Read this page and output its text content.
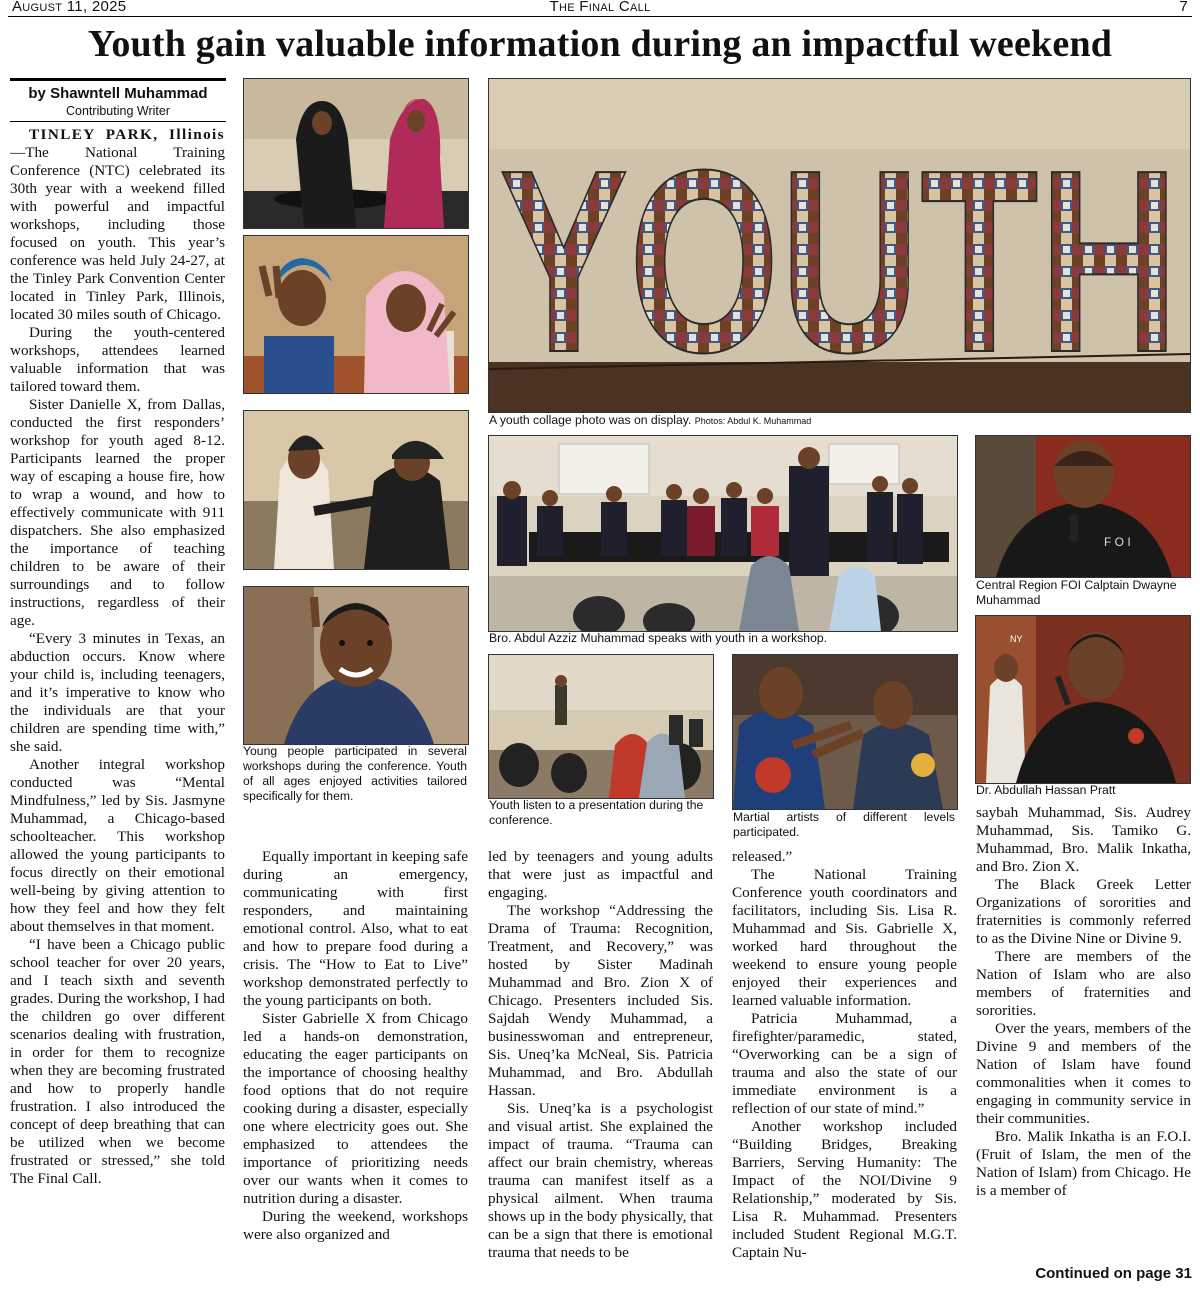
August 11, 2025	The Final Call	7
Youth gain valuable information during an impactful weekend
by Shawntell Muhammad
Contributing Writer

TINLEY PARK, Illinois—The National Training Conference (NTC) celebrated its 30th year with a weekend filled with powerful and impactful workshops, including those focused on youth. This year’s conference was held July 24-27, at the Tinley Park Convention Center located in Tinley Park, Illinois, located 30 miles south of Chicago.

During the youth-centered workshops, attendees learned valuable information that was tailored toward them.

Sister Danielle X, from Dallas, conducted the first responders’ workshop for youth aged 8-12. Participants learned the proper way of escaping a house fire, how to wrap a wound, and how to effectively communicate with 911 dispatchers. She also emphasized the importance of teaching children to be aware of their surroundings and to follow instructions, regardless of their age.

“Every 3 minutes in Texas, an abduction occurs. Know where your child is, including teenagers, and it’s imperative to know who the individuals are that your children are spending time with,” she said.

Another integral workshop conducted was “Mental Mindfulness,” led by Sis. Jasmyne Muhammad, a Chicago-based schoolteacher. This workshop allowed the young participants to focus directly on their emotional well-being by giving attention to how they feel and how they felt about themselves in that moment.

“I have been a Chicago public school teacher for over 20 years, and I teach sixth and seventh grades. During the workshop, I had the children go over different scenarios dealing with frustration, in order for them to recognize when they are becoming frustrated and how to properly handle frustration. I also introduced the concept of deep breathing that can be utilized when we become frustrated or stressed,” she told The Final Call.

Young people participated in several workshops during the conference. Youth of all ages enjoyed activities tailored specifically for them.
YOUTH
A youth collage photo was on display. Photos: Abdul K. Muhammad
Bro. Abdul Azziz Muhammad speaks with youth in a workshop.
F O I
Central Region FOI Calptain Dwayne Muhammad
NY
Dr. Abdullah Hassan Pratt
Youth listen to a presentation during the conference.	Martial artists of different levels participated.

Equally important in keeping safe during an emergency, communicating with first responders, and maintaining emotional control. Also, what to eat and how to prepare food during a crisis. The “How to Eat to Live” workshop demonstrated perfectly to the young participants on both.

Sister Gabrielle X from Chicago led a hands-on demonstration, educating the eager participants on the importance of choosing healthy food options that do not require cooking during a disaster, especially one where electricity goes out. She emphasized to attendees the importance of prioritizing needs over our wants when it comes to nutrition during a disaster.

During the weekend, workshops were also organized and

led by teenagers and young adults that were just as impactful and engaging.

The workshop “Addressing the Drama of Trauma: Recognition, Treatment, and Recovery,” was hosted by Sister Madinah Muhammad and Bro. Zion X of Chicago. Presenters included Sis. Sajdah Wendy Muhammad, a businesswoman and entrepreneur, Sis. Uneq’ka McNeal, Sis. Patricia Muhammad, and Bro. Abdullah Hassan.

Sis. Uneq’ka is a psychologist and visual artist. She explained the impact of trauma. “Trauma can affect our brain chemistry, whereas trauma can manifest itself as a physical ailment. When trauma shows up in the body physically, that can be a sign that there is emotional trauma that needs to be

released.”

The National Training Conference youth coordinators and facilitators, including Sis. Lisa R. Muhammad and Sis. Gabrielle X, worked hard throughout the weekend to ensure young people enjoyed their experiences and learned valuable information.

Patricia Muhammad, a firefighter/paramedic, stated, “Overworking can be a sign of trauma and also the state of our immediate environment is a reflection of our state of mind.”

Another workshop included “Building Bridges, Breaking Barriers, Serving Humanity: The Impact of the NOI/Divine 9 Relationship,” moderated by Sis. Lisa R. Muhammad. Presenters included Student Regional M.G.T. Captain Nu-

saybah Muhammad, Sis. Audrey Muhammad, Sis. Tamiko G. Muhammad, Bro. Malik Inkatha, and Bro. Zion X.

The Black Greek Letter Organizations of sororities and fraternities is commonly referred to as the Divine Nine or Divine 9.

There are members of the Nation of Islam who are also members of fraternities and sororities.

Over the years, members of the Divine 9 and members of the Nation of Islam have found commonalities when it comes to engaging in community service in their communities.

Bro. Malik Inkatha is an F.O.I. (Fruit of Islam, the men of the Nation of Islam) from Chicago. He is a member of

Continued on page 31
